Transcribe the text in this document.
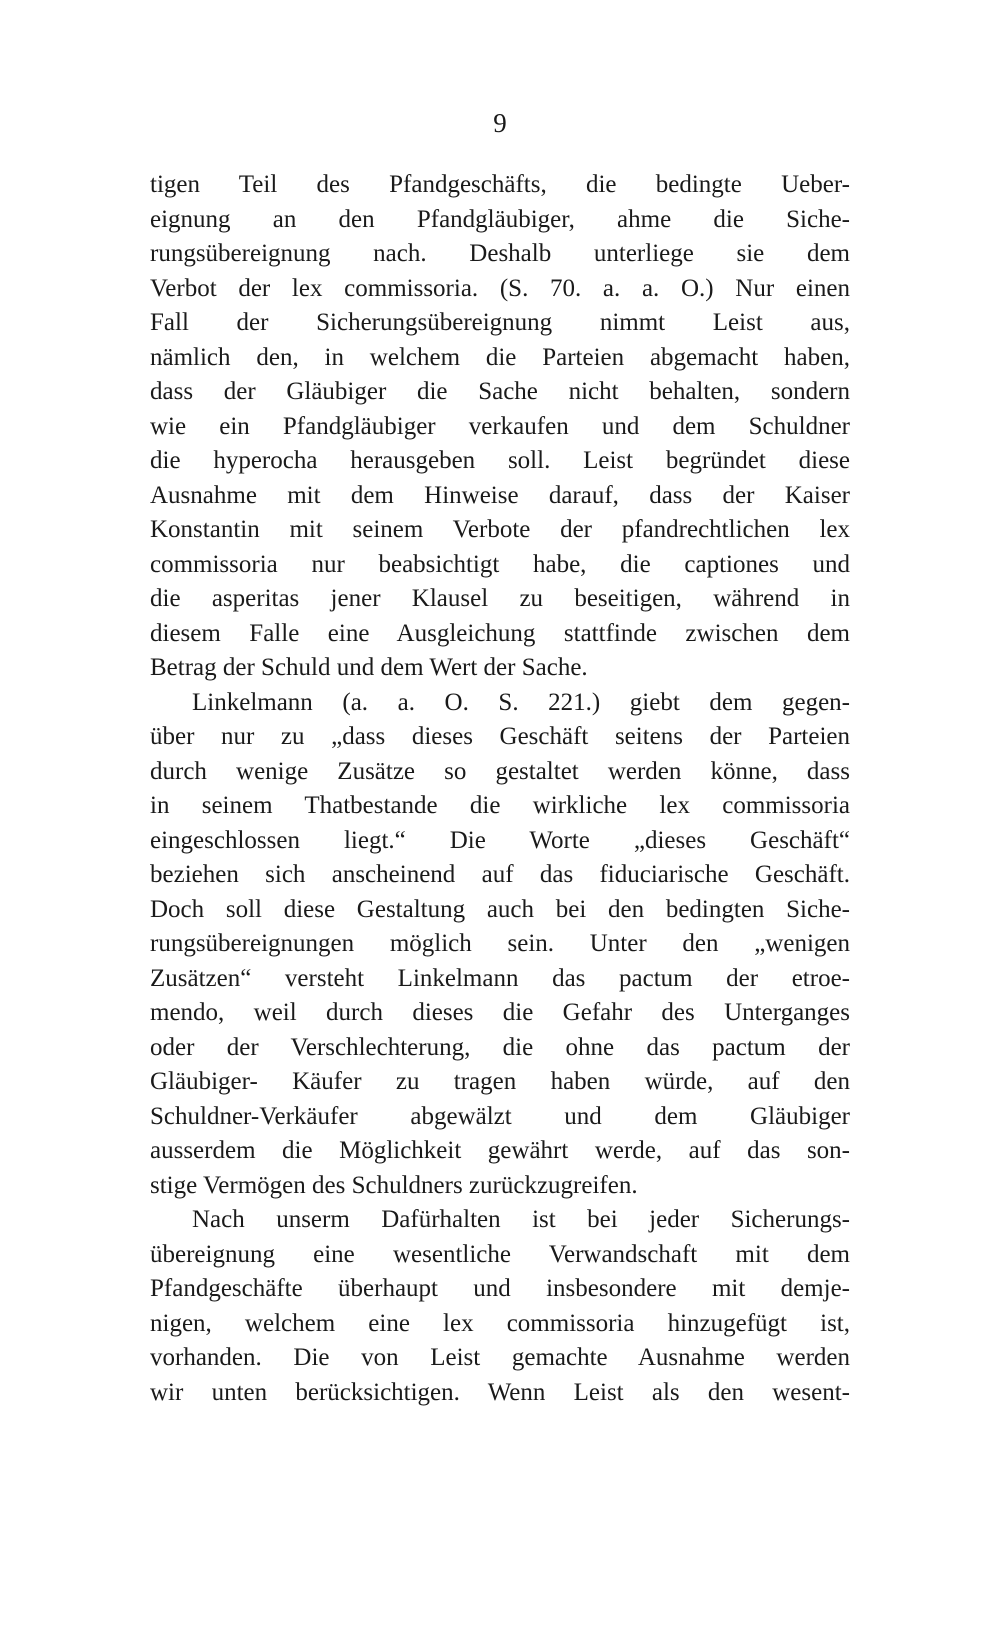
9
tigen Teil des Pfandgeschäfts, die bedingte Ueber-
eignung an den Pfandgläubiger, ahme die Siche-
rungsübereignung nach. Deshalb unterliege sie dem
Verbot der lex commissoria. (S. 70. a. a. O.) Nur einen
Fall der Sicherungsübereignung nimmt Leist aus,
nämlich den, in welchem die Parteien abgemacht haben,
dass der Gläubiger die Sache nicht behalten, sondern
wie ein Pfandgläubiger verkaufen und dem Schuldner
die hyperocha herausgeben soll. Leist begründet diese
Ausnahme mit dem Hinweise darauf, dass der Kaiser
Konstantin mit seinem Verbote der pfandrechtlichen lex
commissoria nur beabsichtigt habe, die captiones und
die asperitas jener Klausel zu beseitigen, während in
diesem Falle eine Ausgleichung stattfinde zwischen dem
Betrag der Schuld und dem Wert der Sache.
Linkelmann (a. a. O. S. 221.) giebt dem gegen-
über nur zu „dass dieses Geschäft seitens der Parteien
durch wenige Zusätze so gestaltet werden könne, dass
in seinem Thatbestande die wirkliche lex commissoria
eingeschlossen liegt.“ Die Worte „dieses Geschäft“
beziehen sich anscheinend auf das fiduciarische Geschäft.
Doch soll diese Gestaltung auch bei den bedingten Siche-
rungsübereignungen möglich sein. Unter den „wenigen
Zusätzen“ versteht Linkelmann das pactum der etroe-
mendo, weil durch dieses die Gefahr des Unterganges
oder der Verschlechterung, die ohne das pactum der
Gläubiger- Käufer zu tragen haben würde, auf den
Schuldner-Verkäufer abgewälzt und dem Gläubiger
ausserdem die Möglichkeit gewährt werde, auf das son-
stige Vermögen des Schuldners zurückzugreifen.
Nach unserm Dafürhalten ist bei jeder Sicherungs-
übereignung eine wesentliche Verwandschaft mit dem
Pfandgeschäfte überhaupt und insbesondere mit demje-
nigen, welchem eine lex commissoria hinzugefügt ist,
vorhanden. Die von Leist gemachte Ausnahme werden
wir unten berücksichtigen. Wenn Leist als den wesent-
